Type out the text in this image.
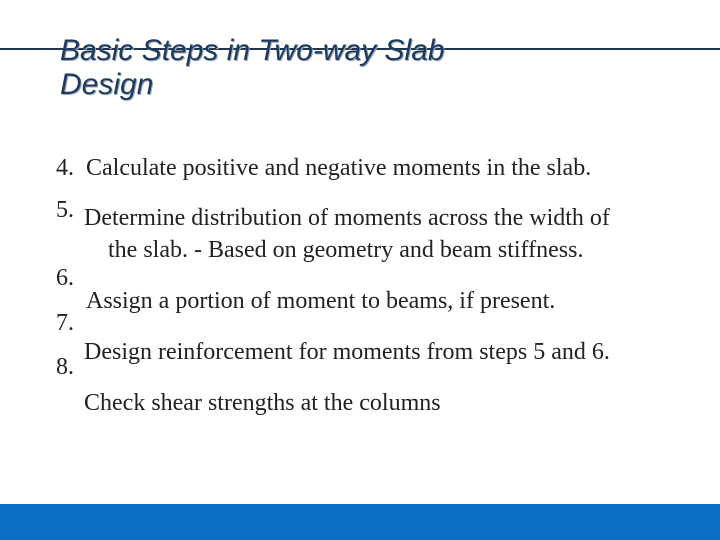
Basic Steps in Two-way Slab
Design
4. Calculate positive and negative moments in the slab.
5. Determine distribution of moments across the width of
the slab. - Based on geometry and beam stiffness.
6.
Assign a portion of moment to beams, if present.
7.
Design reinforcement for moments from steps 5 and 6.
8.
Check shear strengths at the columns
